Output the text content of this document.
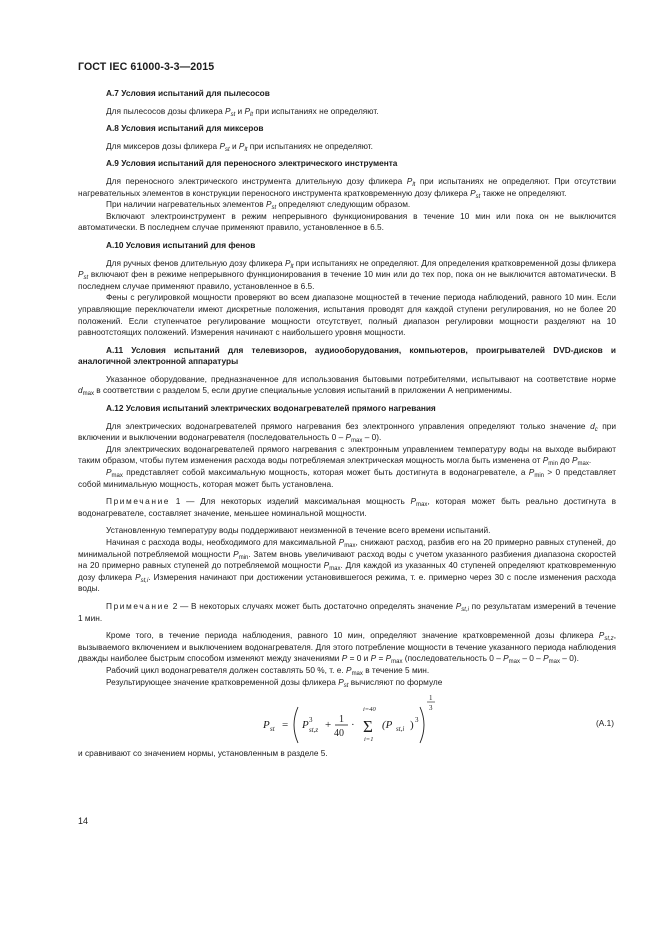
ГОСТ IEC 61000-3-3—2015
А.7 Условия испытаний для пылесосов
Для пылесосов дозы фликера $P_{st}$ и $P_{lt}$ при испытаниях не определяют.
А.8 Условия испытаний для миксеров
Для миксеров дозы фликера $P_{st}$ и $P_{lt}$ при испытаниях не определяют.
А.9 Условия испытаний для переносного электрического инструмента
Для переносного электрического инструмента длительную дозу фликера $P_{lt}$ при испытаниях не определяют. При отсутствии нагревательных элементов в конструкции переносного инструмента кратковременную дозу фликера $P_{st}$ также не определяют.
При наличии нагревательных элементов $P_{st}$ определяют следующим образом.
Включают электроинструмент в режим непрерывного функционирования в течение 10 мин или пока он не выключится автоматически. В последнем случае применяют правило, установленное в 6.5.
А.10 Условия испытаний для фенов
Для ручных фенов длительную дозу фликера $P_{lt}$ при испытаниях не определяют. Для определения кратковременной дозы фликера $P_{st}$ включают фен в режиме непрерывного функционирования в течение 10 мин или до тех пор, пока он не выключится автоматически. В последнем случае применяют правило, установленное в 6.5.
Фены с регулировкой мощности проверяют во всем диапазоне мощностей в течение периода наблюдений, равного 10 мин. Если управляющие переключатели имеют дискретные положения, испытания проводят для каждой ступени регулирования, но не более 20 положений. Если ступенчатое регулирование мощности отсутствует, полный диапазон регулировки мощности разделяют на 10 равноотстоящих положений. Измерения начинают с наибольшего уровня мощности.
А.11 Условия испытаний для телевизоров, аудиооборудования, компьютеров, проигрывателей DVD-дисков и аналогичной электронной аппаратуры
Указанное оборудование, предназначенное для использования бытовыми потребителями, испытывают на соответствие норме $d_{max}$ в соответствии с разделом 5, если другие специальные условия испытаний в приложении А неприменимы.
А.12 Условия испытаний электрических водонагревателей прямого нагревания
Для электрических водонагревателей прямого нагревания без электронного управления определяют только значение $d_c$ при включении и выключении водонагревателя (последовательность $0 - P_{max} - 0$).
Для электрических водонагревателей прямого нагревания с электронным управлением температуру воды на выходе выбирают таким образом, чтобы путем изменения расхода воды потребляемая электрическая мощность могла быть изменена от $P_{min}$ до $P_{max}$.
$P_{max}$ представляет собой максимальную мощность, которая может быть достигнута в водонагревателе, а $P_{min} > 0$ представляет собой минимальную мощность, которая может быть установлена.
Примечание 1 — Для некоторых изделий максимальная мощность $P_{max}$, которая может быть реально достигнута в водонагревателе, составляет значение, меньшее номинальной мощности.
Установленную температуру воды поддерживают неизменной в течение всего времени испытаний.
Начиная с расхода воды, необходимого для максимальной $P_{max}$, снижают расход, разбив его на 20 примерно равных ступеней, до минимальной потребляемой мощности $P_{min}$. Затем вновь увеличивают расход воды с учетом указанного разбиения диапазона скоростей на 20 примерно равных ступеней до потребляемой мощности $P_{max}$. Для каждой из указанных 40 ступеней определяют кратковременную дозу фликера $P_{st,i}$. Измерения начинают при достижении установившегося режима, т. е. примерно через 30 с после изменения расхода воды.
Примечание 2 — В некоторых случаях может быть достаточно определять значение $P_{st,i}$ по результатам измерений в течение 1 мин.
Кроме того, в течение периода наблюдения, равного 10 мин, определяют значение кратковременной дозы фликера $P_{st,z}$, вызываемого включением и выключением водонагревателя. Для этого потребление мощности в течение указанного периода наблюдения дважды наиболее быстрым способом изменяют между значениями P = 0 и $P = P_{max}$ (последовательность $0 - P_{max} - 0 - P_{max} - 0$).
Рабочий цикл водонагревателя должен составлять 50 %, т. е. $P_{max}$ в течение 5 мин.
Результирующее значение кратковременной дозы фликера $P_{st}$ вычисляют по формуле
P st = P 3
st,z + 1
40
·
i=40
Σ
i=1
(P st,i ) 3
1
3
(А.1)
и сравнивают со значением нормы, установленным в разделе 5.
14
